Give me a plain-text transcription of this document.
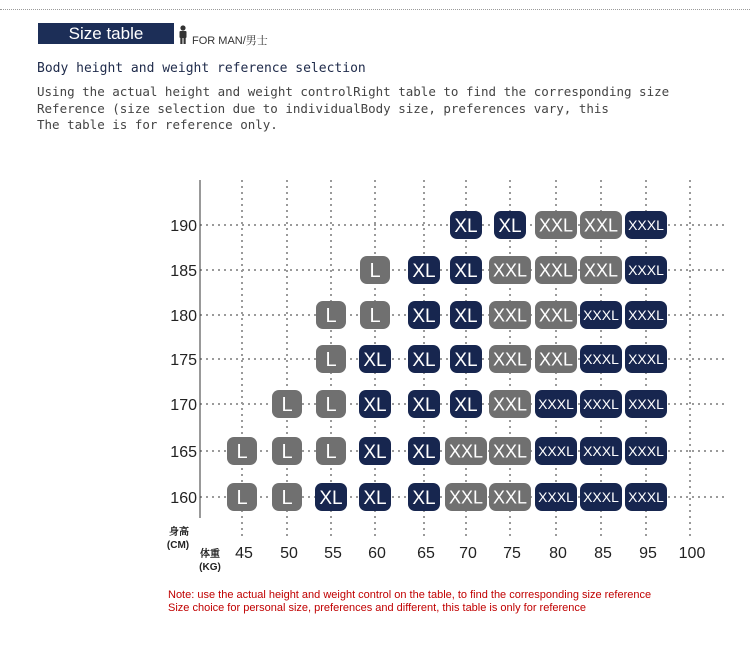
Size table	FOR MAN/男士
Body height and weight reference selection
Using the actual height and weight controlRight table to find the corresponding size
Reference (size selection due to individualBody size, preferences vary, this
The table is for reference only.
190
185
180
175
170
165
160
45 50 55 60 65 70 75 80 85 95 100
身高
(CM)
体重
(KG)
XL XL XXL XXL XXXL
L XL XL XXL XXL XXL XXXL
L L XL XL XXL XXL XXXL XXXL
L XL XL XL XXL XXL XXXL XXXL
L L XL XL XL XXL XXXL XXXL XXXL
L L L XL XL XXL XXL XXXL XXXL XXXL
L L XL XL XL XXL XXL XXXL XXXL XXXL
Note: use the actual height and weight control on the table, to find the corresponding size reference
Size choice for personal size, preferences and different, this table is only for reference
